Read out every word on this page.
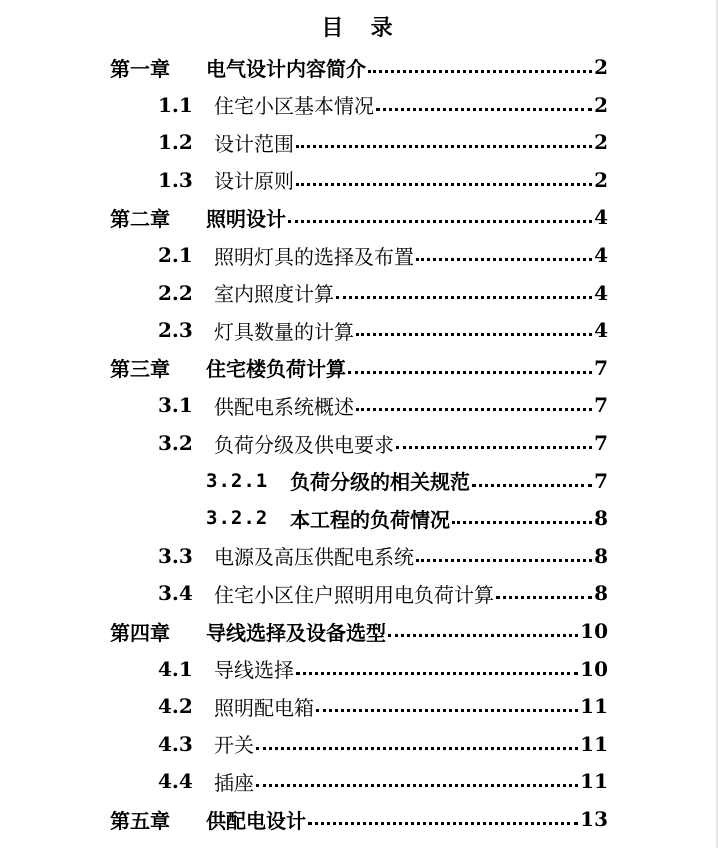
目  录
第一章	电气设计内容简介	2
1.1	住宅小区基本情况	2
1.2	设计范围	2
1.3	设计原则	2
第二章	照明设计	4
2.1	照明灯具的选择及布置	4
2.2	室内照度计算	4
2.3	灯具数量的计算	4
第三章	住宅楼负荷计算	7
3.1	供配电系统概述	7
3.2	负荷分级及供电要求	7
3.2.1	负荷分级的相关规范	7
3.2.2	本工程的负荷情况	8
3.3	电源及高压供配电系统	8
3.4	住宅小区住户照明用电负荷计算	8
第四章	导线选择及设备选型	10
4.1	导线选择	10
4.2	照明配电箱	11
4.3	开关	11
4.4	插座	11
第五章	供配电设计	13
